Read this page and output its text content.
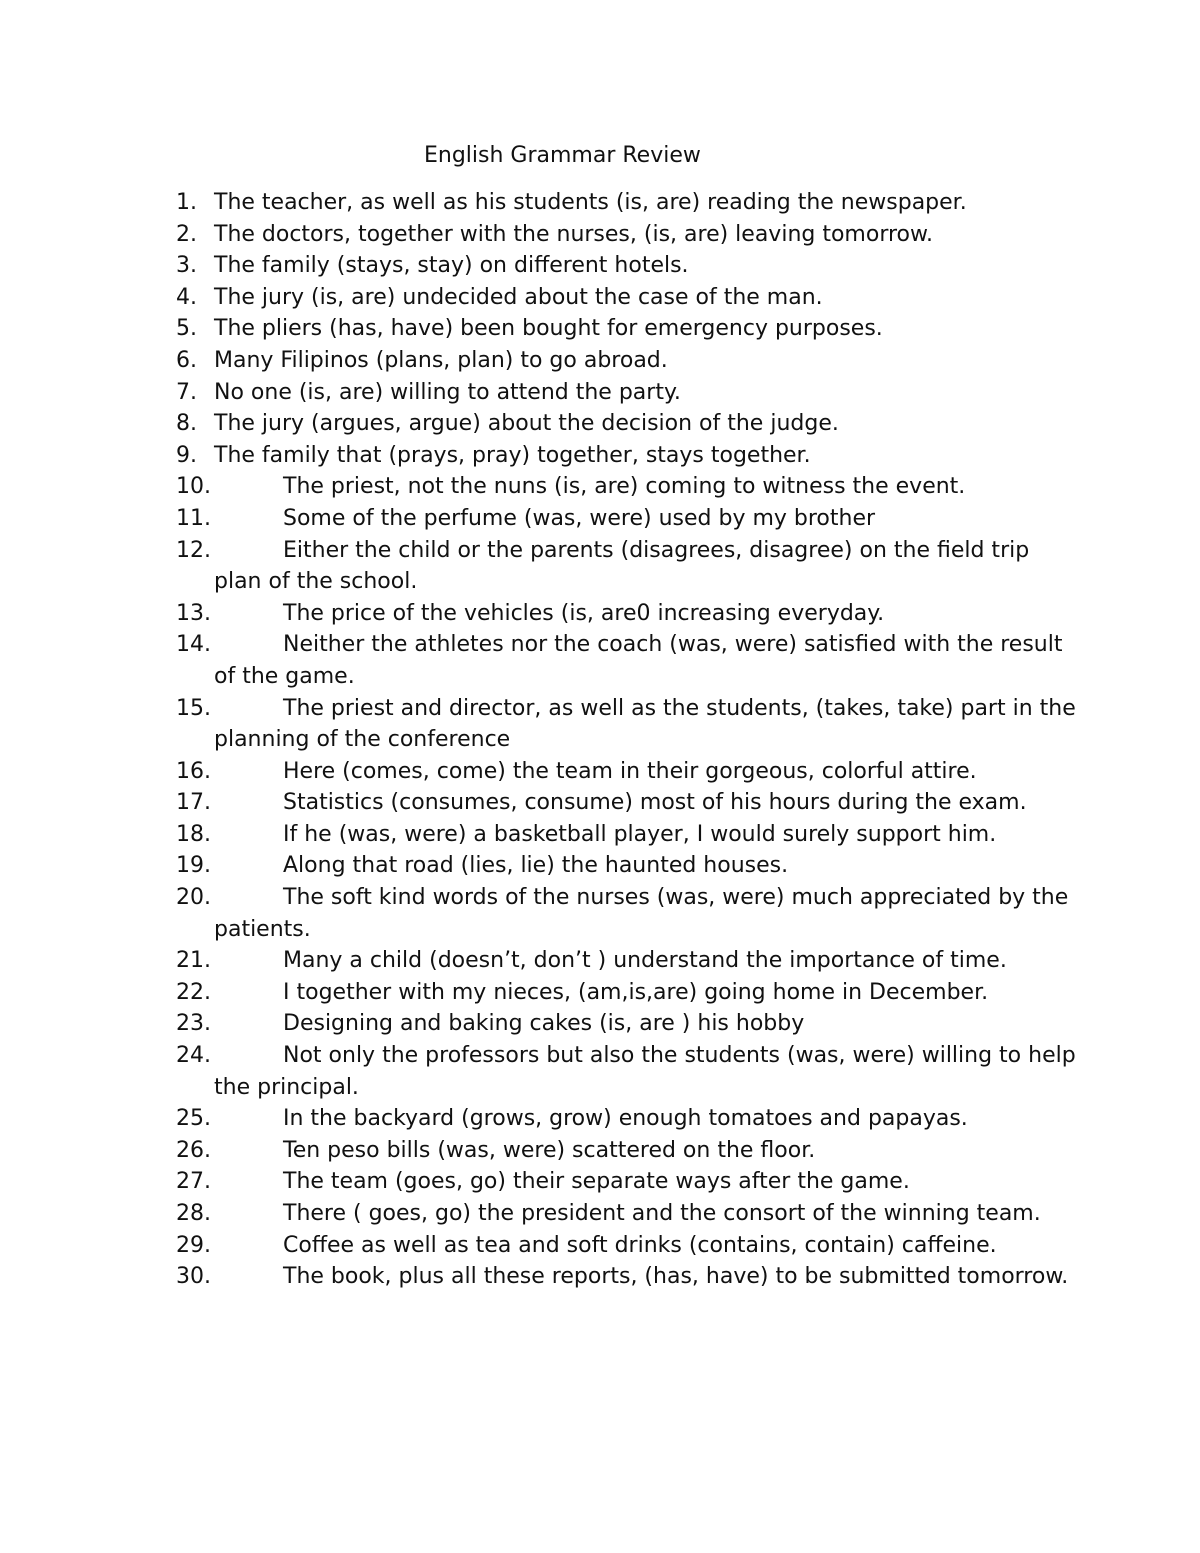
English Grammar Review
1. The teacher, as well as his students (is, are) reading the newspaper.
2. The doctors, together with the nurses, (is, are) leaving tomorrow.
3. The family (stays, stay) on different hotels.
4. The jury (is, are) undecided about the case of the man.
5. The pliers (has, have) been bought for emergency purposes.
6. Many Filipinos (plans, plan) to go abroad.
7. No one (is, are) willing to attend the party.
8. The jury (argues, argue) about the decision of the judge.
9. The family that (prays, pray) together, stays together.
10.	The priest, not the nuns (is, are) coming to witness the event.
11.	Some of the perfume (was, were) used by my brother
12.	Either the child or the parents (disagrees, disagree) on the field trip plan of the school.
13.	The price of the vehicles (is, are0 increasing everyday.
14.	Neither the athletes nor the coach (was, were) satisfied with the result of the game.
15.	The priest and director, as well as the students, (takes, take) part in the planning of the conference
16.	Here (comes, come) the team in their gorgeous, colorful attire.
17.	Statistics (consumes, consume) most of his hours during the exam.
18.	If he (was, were) a basketball player, I would surely support him.
19.	Along that road (lies, lie) the haunted houses.
20.	The soft kind words of the nurses (was, were) much appreciated by the patients.
21.	Many a child (doesn’t, don’t ) understand the importance of time.
22.	I together with my nieces, (am,is,are) going home in December.
23.	Designing and baking cakes (is, are ) his hobby
24.	Not only the professors but also the students (was, were) willing to help the principal.
25.	In the backyard (grows, grow) enough tomatoes and papayas.
26.	Ten peso bills (was, were) scattered on the floor.
27.	The team (goes, go) their separate ways after the game.
28.	There ( goes, go) the president and the consort of the winning team.
29.	Coffee as well as tea and soft drinks (contains, contain) caffeine.
30.	The book, plus all these reports, (has, have) to be submitted tomorrow.
